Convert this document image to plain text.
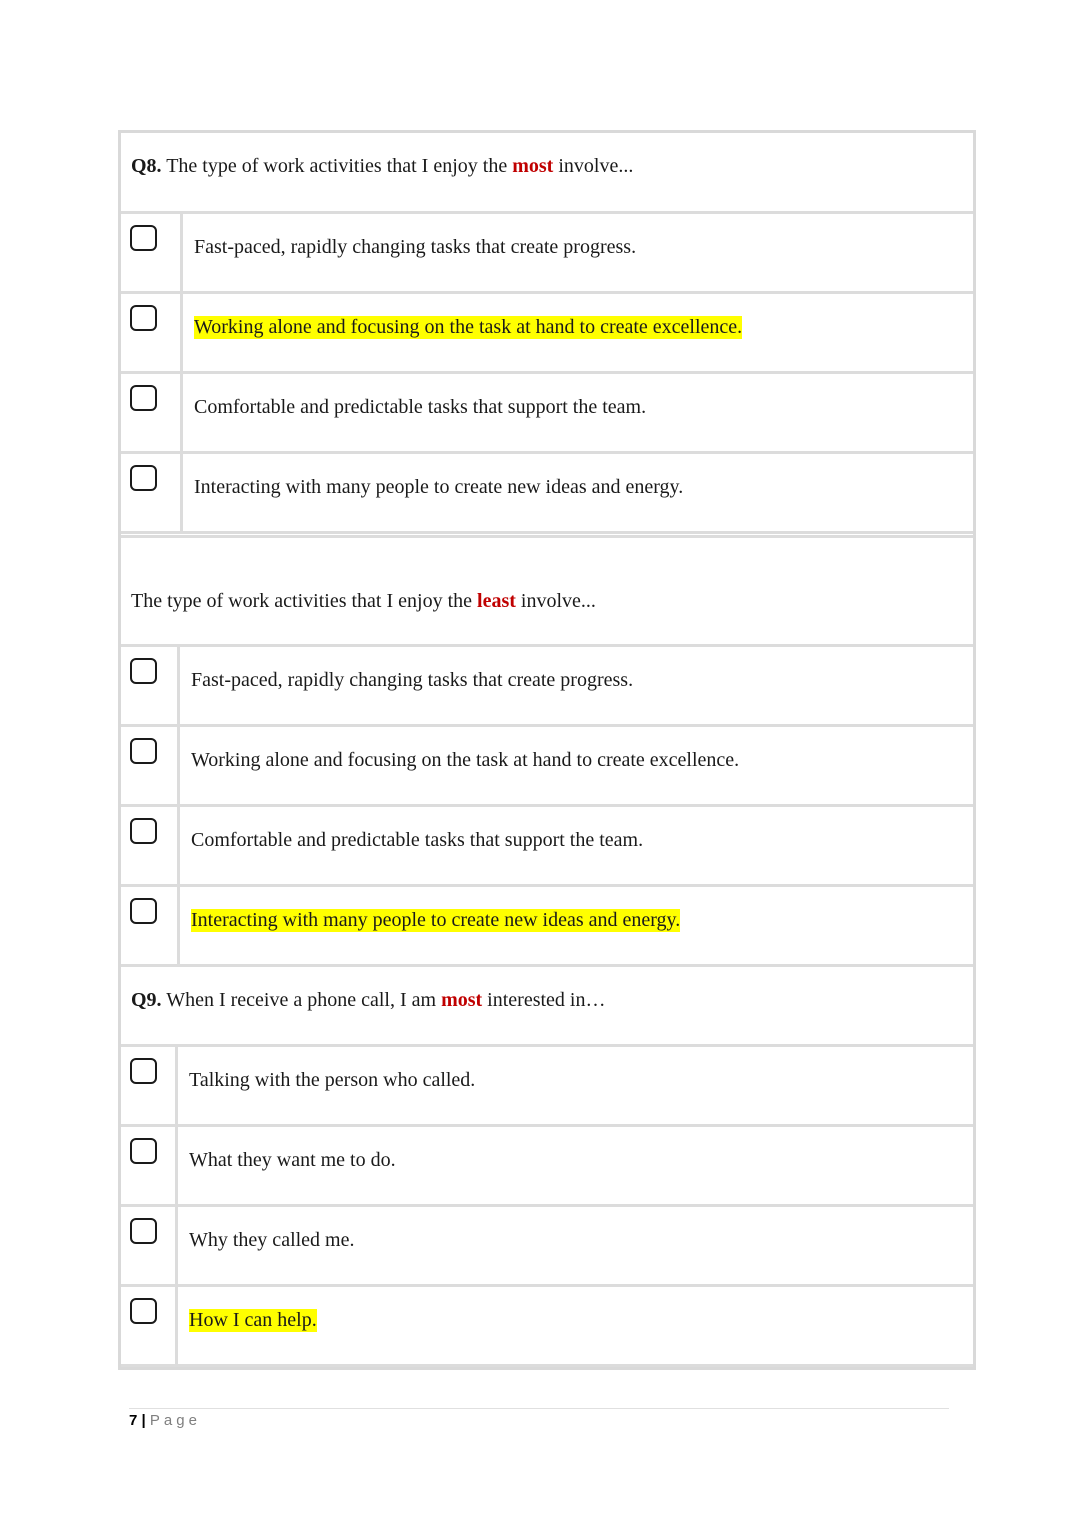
Q8. The type of work activities that I enjoy the most involve...
Fast-paced, rapidly changing tasks that create progress.
Working alone and focusing on the task at hand to create excellence.
Comfortable and predictable tasks that support the team.
Interacting with many people to create new ideas and energy.
The type of work activities that I enjoy the least involve...
Fast-paced, rapidly changing tasks that create progress.
Working alone and focusing on the task at hand to create excellence.
Comfortable and predictable tasks that support the team.
Interacting with many people to create new ideas and energy.
Q9. When I receive a phone call, I am most interested in…
Talking with the person who called.
What they want me to do.
Why they called me.
How I can help.
7 | Page
